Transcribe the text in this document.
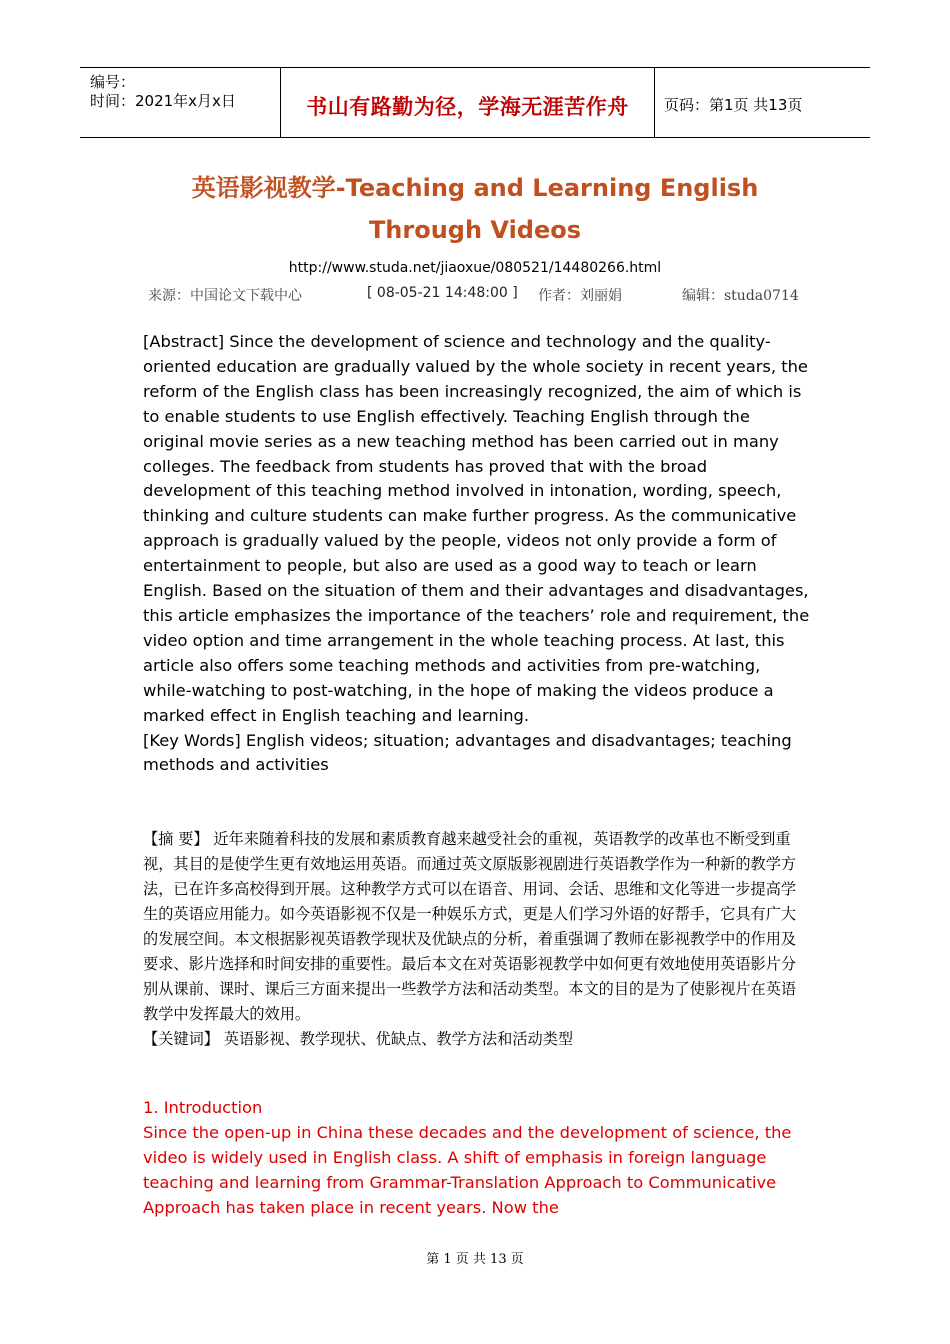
编号：
时间：2021年x月x日	书山有路勤为径，学海无涯苦作舟	页码：第1页 共13页
英语影视教学-Teaching and Learning English
Through Videos
http://www.studa.net/jiaoxue/080521/14480266.html
来源：中国论文下载中心	[ 08-05-21 14:48:00 ] 作者：刘丽娟	编辑：studa0714

[Abstract] Since the development of science and technology and the quality-oriented education are gradually valued by the whole society in recent years, the reform of the English class has been increasingly recognized, the aim of which is to enable students to use English effectively. Teaching English through the original movie series as a new teaching method has been carried out in many colleges. The feedback from students has proved that with the broad development of this teaching method involved in intonation, wording, speech, thinking and culture students can make further progress. As the communicative approach is gradually valued by the people, videos not only provide a form of entertainment to people, but also are used as a good way to teach or learn English. Based on the situation of them and their advantages and disadvantages, this article emphasizes the importance of the teachers’ role and requirement, the video option and time arrangement in the whole teaching process. At last, this article also offers some teaching methods and activities from pre-watching, while-watching to post-watching, in the hope of making the videos produce a marked effect in English teaching and learning.

[Key Words] English videos; situation; advantages and disadvantages; teaching methods and activities

【摘 要】 近年来随着科技的发展和素质教育越来越受社会的重视，英语教学的改革也不断受到重视，其目的是使学生更有效地运用英语。而通过英文原版影视剧进行英语教学作为一种新的教学方法，已在许多高校得到开展。这种教学方式可以在语音、用词、会话、思维和文化等进一步提高学生的英语应用能力。如今英语影视不仅是一种娱乐方式，更是人们学习外语的好帮手，它具有广大的发展空间。本文根据影视英语教学现状及优缺点的分析，着重强调了教师在影视教学中的作用及要求、影片选择和时间安排的重要性。最后本文在对英语影视教学中如何更有效地使用英语影片分别从课前、课时、课后三方面来提出一些教学方法和活动类型。本文的目的是为了使影视片在英语教学中发挥最大的效用。

【关键词】 英语影视、教学现状、优缺点、教学方法和活动类型

1. Introduction

Since the open-up in China these decades and the development of science, the video is widely used in English class. A shift of emphasis in foreign language teaching and learning from Grammar-Translation Approach to Communicative Approach has taken place in recent years. Now the

第 1 页 共 13 页
